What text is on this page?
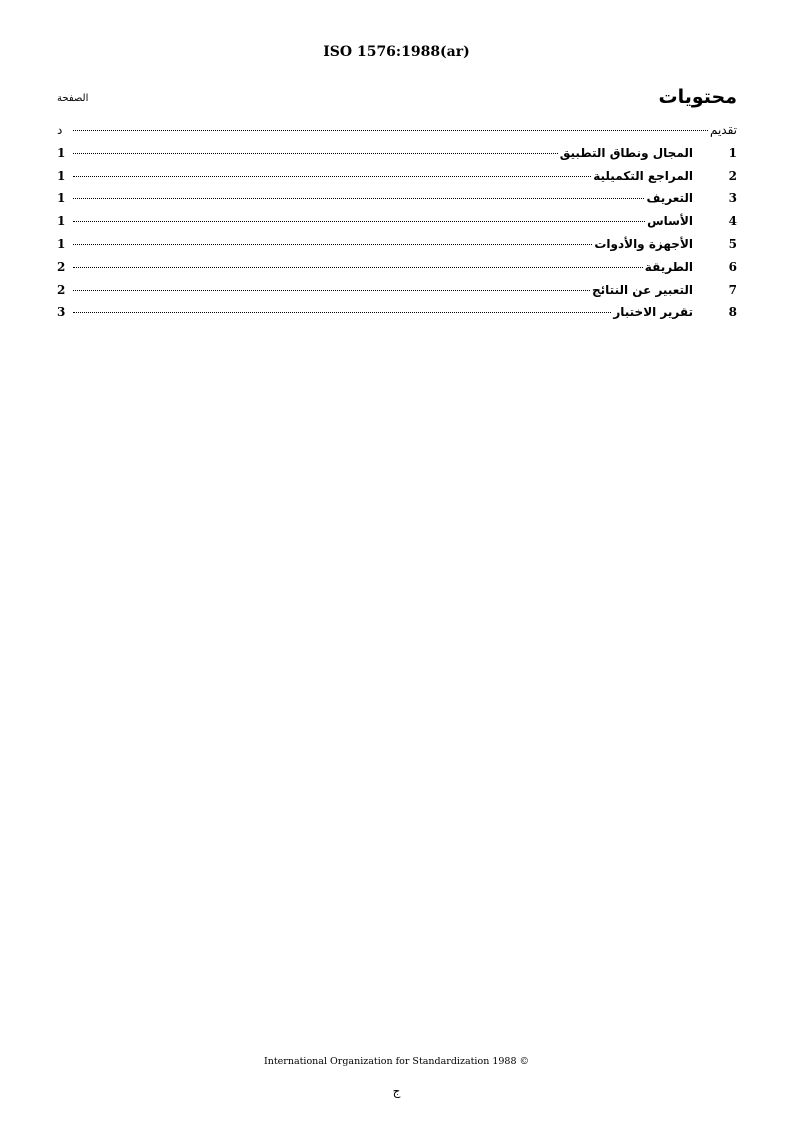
ISO 1576:1988(ar)
محتويات
الصفحة
تقديم
د
1
المجال ونطاق التطبيق
1
2
المراجع التكميلية
1
3
التعريف
1
4
الأساس
1
5
الأجهزة والأدوات
1
6
الطريقة
2
7
التعبير عن النتائج
2
8
تقرير الاختبار
3
International Organization for Standardization 1988 ©
ج
